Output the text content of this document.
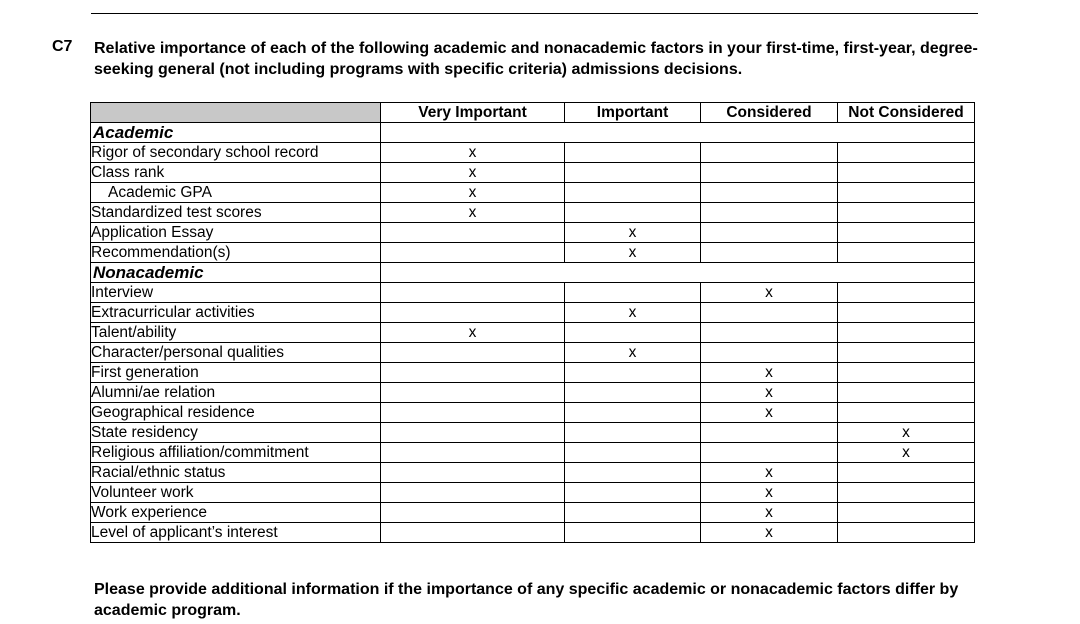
C7 Relative importance of each of the following academic and nonacademic factors in your first-time, first-year, degree-seeking general (not including programs with specific criteria) admissions decisions.
	Very Important	Important	Considered	Not Considered
Academic				
Rigor of secondary school record	x			
Class rank	x			
Academic GPA	x			
Standardized test scores	x			
Application Essay		x		
Recommendation(s)		x		
Nonacademic				
Interview			x	
Extracurricular activities		x		
Talent/ability	x			
Character/personal qualities		x		
First generation			x	
Alumni/ae relation			x	
Geographical residence			x	
State residency				x
Religious affiliation/commitment				x
Racial/ethnic status			x	
Volunteer work			x	
Work experience			x	
Level of applicant’s interest			x	
Please provide additional information if the importance of any specific academic or nonacademic factors differ by academic program.
